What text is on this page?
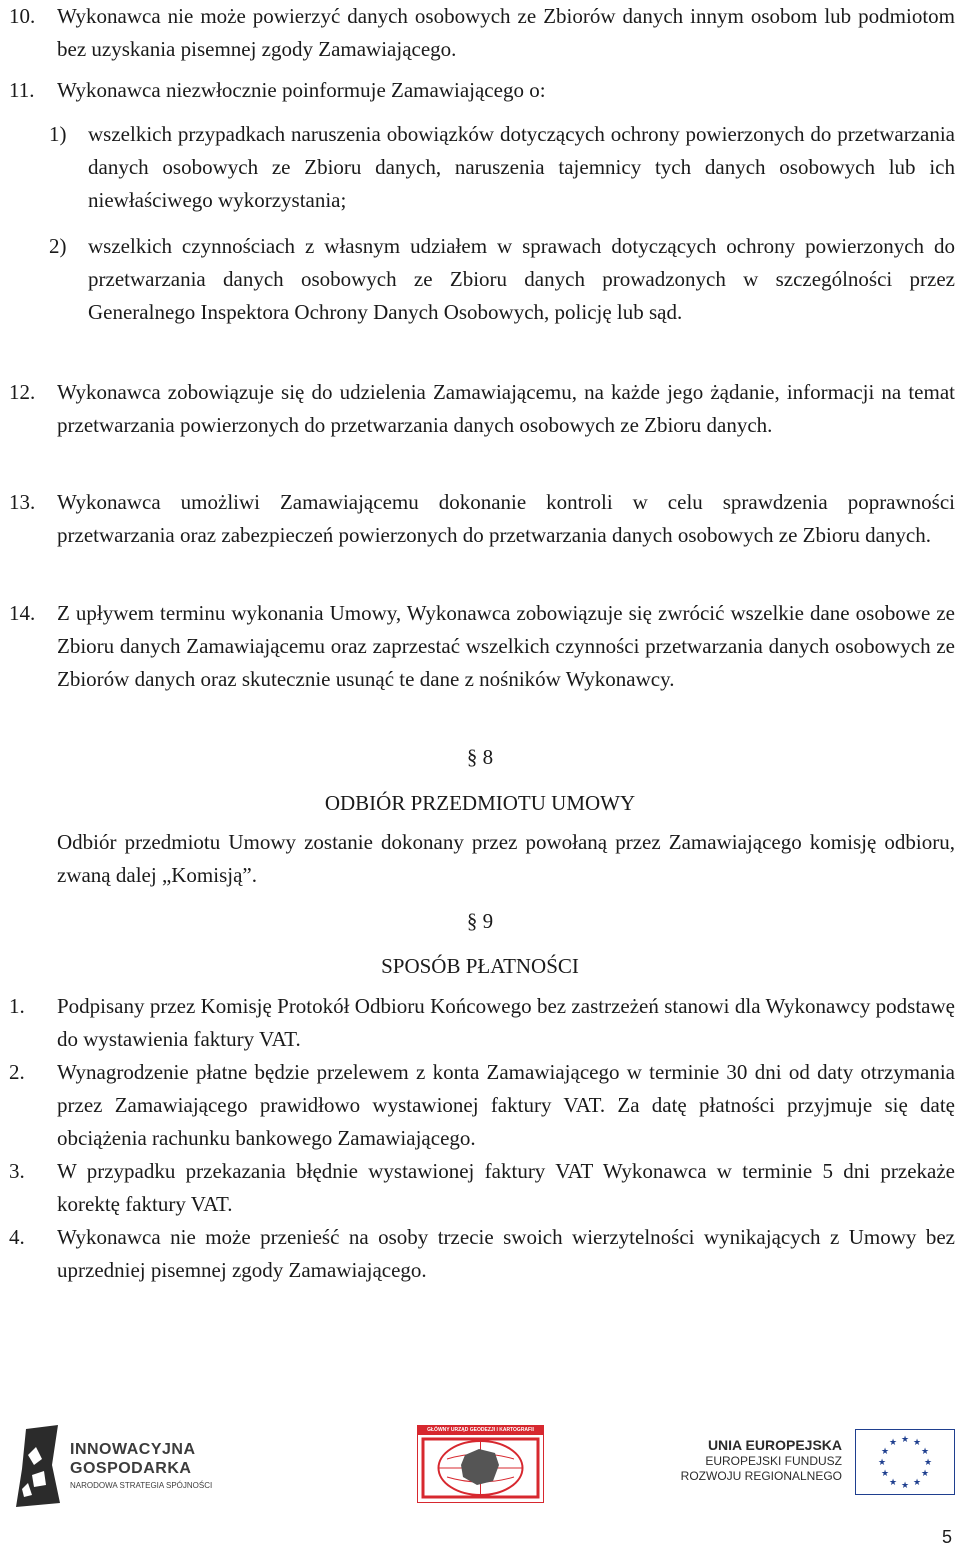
10. Wykonawca nie może powierzyć danych osobowych ze Zbiorów danych innym osobom lub podmiotom bez uzyskania pisemnej zgody Zamawiającego.
11. Wykonawca niezwłocznie poinformuje Zamawiającego o:
1) wszelkich przypadkach naruszenia obowiązków dotyczących ochrony powierzonych do przetwarzania danych osobowych ze Zbioru danych, naruszenia tajemnicy tych danych osobowych lub ich niewłaściwego wykorzystania;
2) wszelkich czynnościach z własnym udziałem w sprawach dotyczących ochrony powierzonych do przetwarzania danych osobowych ze Zbioru danych prowadzonych w szczególności przez Generalnego Inspektora Ochrony Danych Osobowych, policję lub sąd.
12. Wykonawca zobowiązuje się do udzielenia Zamawiającemu, na każde jego żądanie, informacji na temat przetwarzania powierzonych do przetwarzania danych osobowych ze Zbioru danych.
13. Wykonawca umożliwi Zamawiającemu dokonanie kontroli w celu sprawdzenia poprawności przetwarzania oraz zabezpieczeń powierzonych do przetwarzania danych osobowych ze Zbioru danych.
14. Z upływem terminu wykonania Umowy, Wykonawca zobowiązuje się zwrócić wszelkie dane osobowe ze Zbioru danych Zamawiającemu oraz zaprzestać wszelkich czynności przetwarzania danych osobowych ze Zbiorów danych oraz skutecznie usunąć te dane z nośników Wykonawcy.
§ 8
ODBIÓR PRZEDMIOTU UMOWY
Odbiór przedmiotu Umowy zostanie dokonany przez powołaną przez Zamawiającego komisję odbioru, zwaną dalej „Komisją”.
§ 9
SPOSÓB PŁATNOŚCI
1. Podpisany przez Komisję Protokół Odbioru Końcowego bez zastrzeżeń stanowi dla Wykonawcy podstawę do wystawienia faktury VAT.
2. Wynagrodzenie płatne będzie przelewem z konta Zamawiającego w terminie 30 dni od daty otrzymania przez Zamawiającego prawidłowo wystawionej faktury VAT. Za datę płatności przyjmuje się datę obciążenia rachunku bankowego Zamawiającego.
3. W przypadku przekazania błędnie wystawionej faktury VAT Wykonawca w terminie 5 dni przekaże korektę faktury VAT.
4. Wykonawca nie może przenieść na osoby trzecie swoich wierzytelności wynikających z Umowy bez uprzedniej pisemnej zgody Zamawiającego.
INNOWACYJNA
GOSPODARKA
NARODOWA STRATEGIA SPÓJNOŚCI
GŁÓWNY URZĄD GEODEZJI I KARTOGRAFII
UNIA EUROPEJSKA
EUROPEJSKI FUNDUSZ
ROZWOJU REGIONALNEGO
★ ★
★
★
★
★
★
★
★
★
★
★
5
